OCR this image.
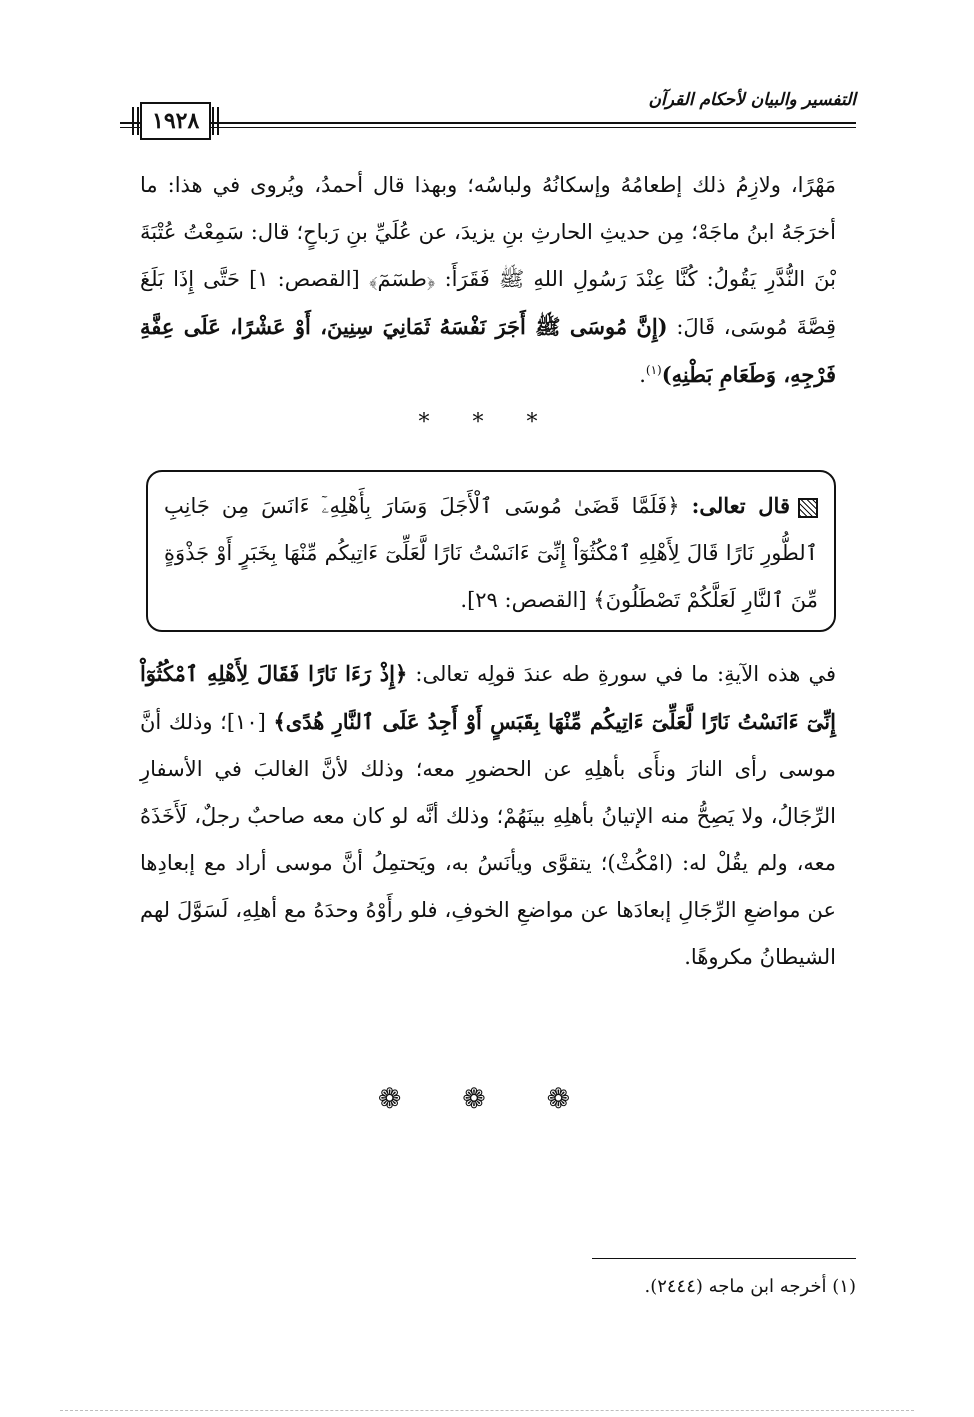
التفسير والبيان لأحكام القرآن
١٩٢٨
مَهْرًا، ولازِمُ ذلك إطعامُهُ وإسكانُهُ ولباسُه؛ وبهذا قال أحمدُ، ويُروى في هذا: ما أخرَجَهُ ابنُ ماجَهْ؛ مِن حديثِ الحارثِ بنِ يزيدَ، عن عُلَيِّ بنِ رَباحٍ؛ قال: سَمِعْتُ عُتْبَةَ بْنَ النُّدَّرِ يَقُولُ: كُنَّا عِنْدَ رَسُولِ اللهِ ﷺ فَقَرَأَ: ﴿طسٓمٓ﴾ [القصص: ١] حَتَّى إِذَا بَلَغَ قِصَّةَ مُوسَى، قَالَ: (إِنَّ مُوسَى ﷺ أَجَرَ نَفْسَهُ ثَمَانِيَ سِنِينَ، أَوْ عَشْرًا، عَلَى عِفَّةِ فَرْجِهِ، وَطَعَامِ بَطْنِهِ)$^{(١)}$.
* * *
قال تعالى: ﴿فَلَمَّا قَضَىٰ مُوسَى ٱلْأَجَلَ وَسَارَ بِأَهْلِهِۦٓ ءَانَسَ مِن جَانِبِ ٱلطُّورِ نَارًا قَالَ لِأَهْلِهِ ٱمْكُثُوٓاْ إِنِّىٓ ءَانَسْتُ نَارًا لَّعَلِّىٓ ءَاتِيكُم مِّنْهَا بِخَبَرٍ أَوْ جَذْوَةٍ مِّنَ ٱلنَّارِ لَعَلَّكُمْ تَصْطَلُونَ﴾ [القصص: ٢٩].
في هذه الآيةِ: ما في سورةِ طه عندَ قولِه تعالى: ﴿إِذْ رَءَا نَارًا فَقَالَ لِأَهْلِهِ ٱمْكُثُوٓاْ إِنِّىٓ ءَانَسْتُ نَارًا لَّعَلِّىٓ ءَاتِيكُم مِّنْهَا بِقَبَسٍ أَوْ أَجِدُ عَلَى ٱلنَّارِ هُدًى﴾ [١٠]؛ وذلك أنَّ موسى رأى النارَ ونأَى بأهلِهِ عن الحضورِ معه؛ وذلك لأنَّ الغالبَ في الأسفارِ الرِّجَالُ، ولا يَصِحُّ منه الإتيانُ بأهلِهِ بينَهُمْ؛ وذلك أنَّه لو كان معه صاحبٌ رجلٌ، لَأَخَذَهُ معه، ولم يقُلْ له: (امْكُثْ)؛ يتقوَّى ويأنَسُ به، ويَحتمِلُ أنَّ موسى أراد مع إبعادِها عن مواضعِ الرِّجَالِ إبعادَها عن مواضعِ الخوفِ، فلو رأَوْهُ وحدَهُ مع أهلِهِ، لَسَوَّلَ لهم الشيطانُ مكروهًا.
❁ ❁ ❁
(١) أخرجه ابن ماجه (٢٤٤٤).
